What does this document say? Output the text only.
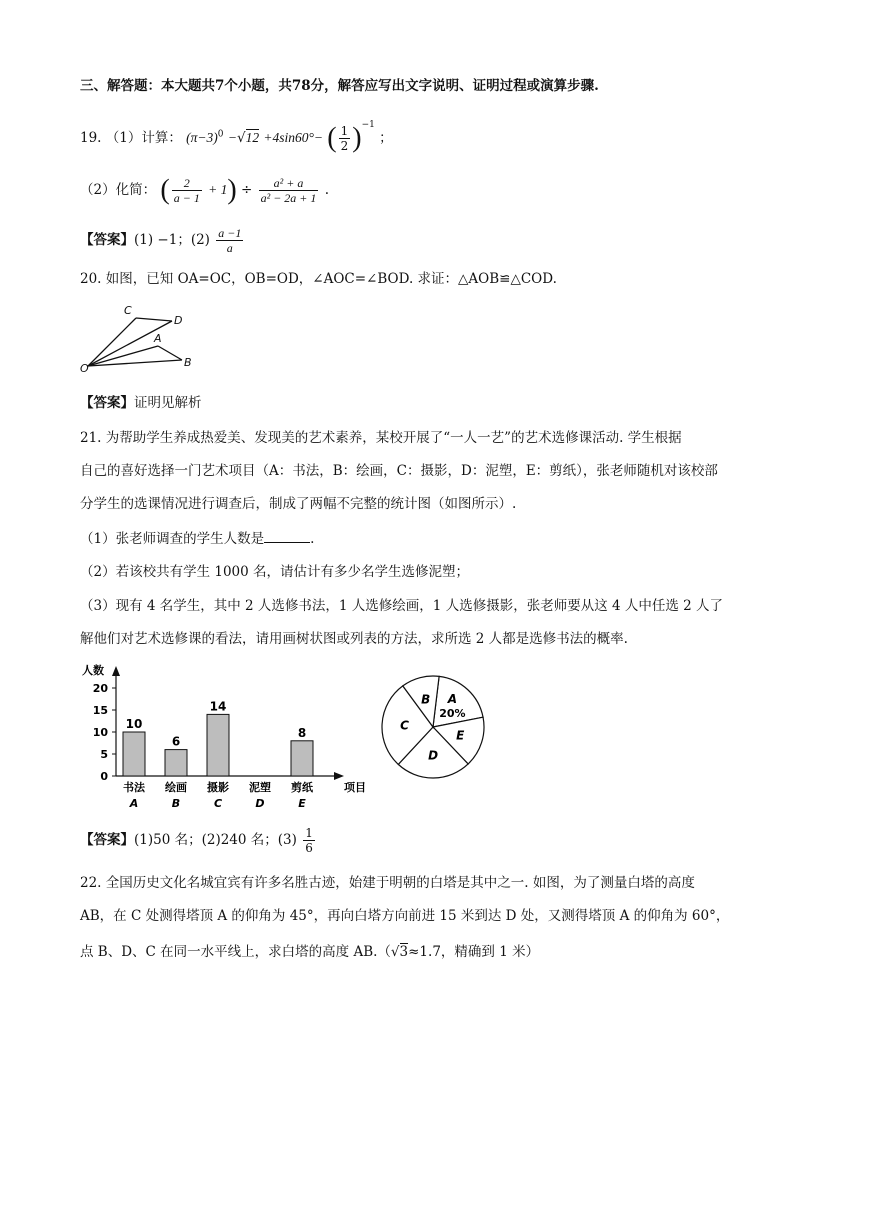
三、解答题：本大题共7个小题，共78分，解答应写出文字说明、证明过程或演算步骤.
19. （1）计算： $(\pi-3)^0 -√12 +4\sin 60^\circ-$ ( $\frac{1}{2} )^{-1}$ ；
（2）化简： ( $\frac{2}{a - 1} + 1) \div \frac{\text{a² + a}}{\text{a² − 2a + 1}}$ .
【答案】(1) −1；$(2) \frac{a -1}{a}$
20. 如图，已知 OA=OC，OB=OD，∠AOC=∠BOD. 求证：△AOB≌△COD.
C
D
A
O	B
【答案】证明见解析
21. 为帮助学生养成热爱美、发现美的艺术素养，某校开展了“一人一艺”的艺术选修课活动. 学生根据
自己的喜好选择一门艺术项目（A：书法，B：绘画，C：摄影，D：泥塑，E：剪纸），张老师随机对该校部
分学生的选课情况进行调查后，制成了两幅不完整的统计图（如图所示）.
（1）张老师调查的学生人数是	.
（2）若该校共有学生 1000 名，请估计有多少名学生选修泥塑；
（3）现有 4 名学生，其中 2 人选修书法，1 人选修绘画，1 人选修摄影，张老师要从这 4 人中任选 2 人了
解他们对艺术选修课的看法，请用画树状图或列表的方法，求所选 2 人都是选修书法的概率.
人数
项目
0
5
10
15
20
10
6
14
8
书法
A
绘画
B
摄影
C
泥塑
D
剪纸
E
A
20%
E
D
C
B
【答案】(1)50 名；(2)240 名；$(3) \frac{1}{6}$
22. 全国历史文化名城宜宾有许多名胜古迹，始建于明朝的白塔是其中之一. 如图，为了测量白塔的高度
AB，在 C 处测得塔顶 A 的仰角为 45°，再向白塔方向前进 15 米到达 D 处，又测得塔顶 A 的仰角为 60°，
点 B、D、C 在同一水平线上，求白塔的高度 AB.（√3≈1.7，精确到 1 米）
